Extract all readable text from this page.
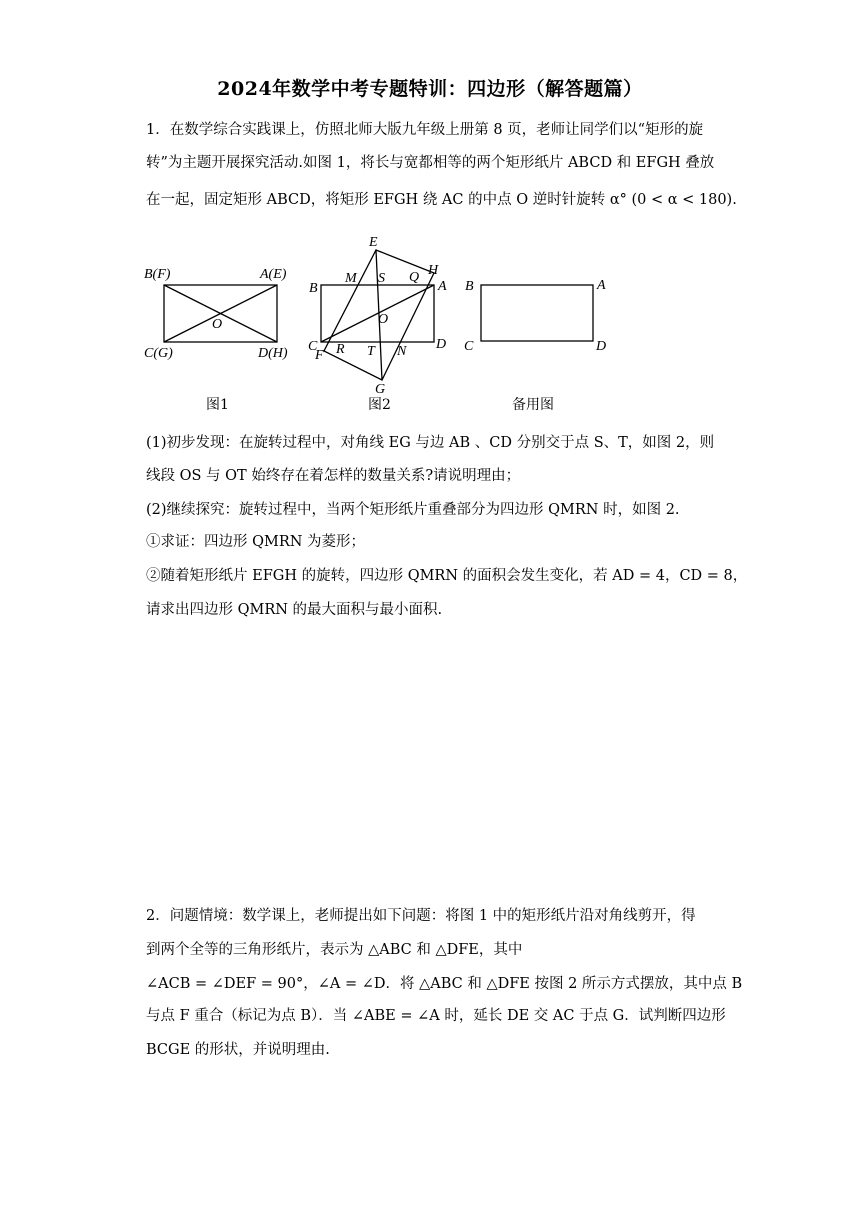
2024年数学中考专题特训：四边形（解答题篇）
1．在数学综合实践课上，仿照北师大版九年级上册第 8 页，老师让同学们以“矩形的旋
转”为主题开展探究活动.如图 1，将长与宽都相等的两个矩形纸片 ABCD 和 EFGH 叠放
在一起，固定矩形 ABCD，将矩形 EFGH 绕 AC 的中点 O 逆时针旋转 α° (0 < α < 180).
B(F)	A(E)
O
C(G)	D(H)
图1
E
M S Q H
B	A
O
C R T N D
F
G
图2
B	A
C	D
备用图
(1)初步发现：在旋转过程中，对角线 EG 与边 AB 、CD 分别交于点 S、T，如图 2，则
线段 OS 与 OT 始终存在着怎样的数量关系?请说明理由；
(2)继续探究：旋转过程中，当两个矩形纸片重叠部分为四边形 QMRN 时，如图 2.
①求证：四边形 QMRN 为菱形；
②随着矩形纸片 EFGH 的旋转，四边形 QMRN 的面积会发生变化，若 AD = 4，CD = 8，
请求出四边形 QMRN 的最大面积与最小面积.
2．问题情境：数学课上，老师提出如下问题：将图 1 中的矩形纸片沿对角线剪开，得
到两个全等的三角形纸片，表示为 △ABC 和 △DFE，其中
∠ACB = ∠DEF = 90°，∠A = ∠D．将 △ABC 和 △DFE 按图 2 所示方式摆放，其中点 B
与点 F 重合（标记为点 B）．当 ∠ABE = ∠A 时，延长 DE 交 AC 于点 G．试判断四边形
BCGE 的形状，并说明理由.
